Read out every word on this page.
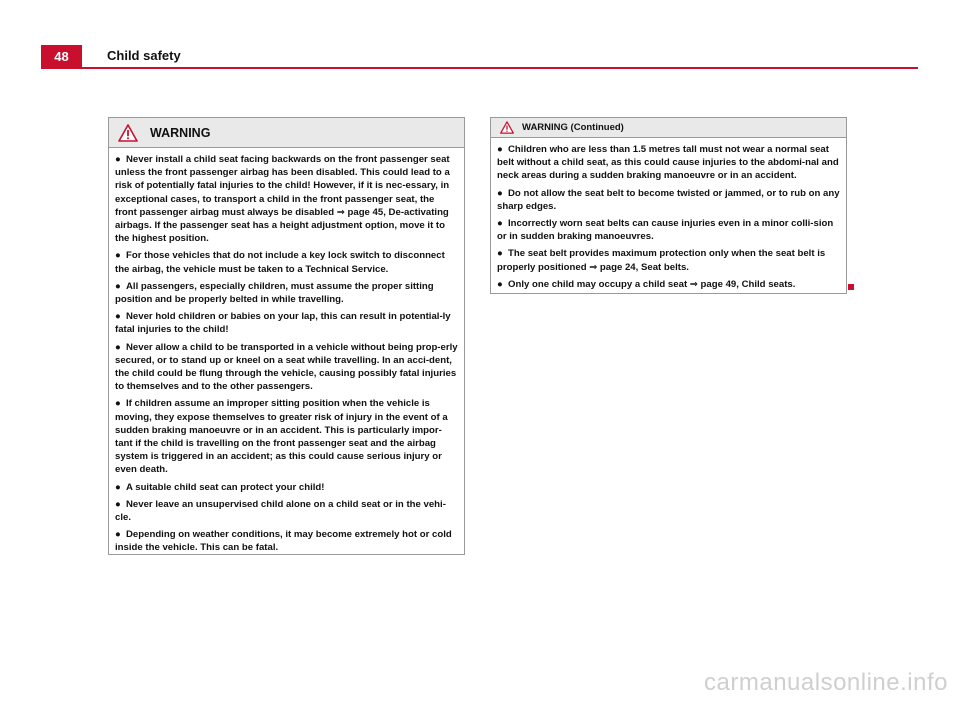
48	Child safety
WARNING

● Never install a child seat facing backwards on the front passenger seat unless the front passenger airbag has been disabled. This could lead to a risk of potentially fatal injuries to the child! However, if it is nec-essary, in exceptional cases, to transport a child in the front passenger seat, the front passenger airbag must always be disabled ⇒ page 45, De-activating airbags. If the passenger seat has a height adjustment option, move it to the highest position.

● For those vehicles that do not include a key lock switch to disconnect the airbag, the vehicle must be taken to a Technical Service.

● All passengers, especially children, must assume the proper sitting position and be properly belted in while travelling.

● Never hold children or babies on your lap, this can result in potential-ly fatal injuries to the child!

● Never allow a child to be transported in a vehicle without being prop-erly secured, or to stand up or kneel on a seat while travelling. In an acci-dent, the child could be flung through the vehicle, causing possibly fatal injuries to themselves and to the other passengers.

● If children assume an improper sitting position when the vehicle is moving, they expose themselves to greater risk of injury in the event of a sudden braking manoeuvre or in an accident. This is particularly impor-tant if the child is travelling on the front passenger seat and the airbag system is triggered in an accident; as this could cause serious injury or even death.

● A suitable child seat can protect your child!

● Never leave an unsupervised child alone on a child seat or in the vehi-cle.

● Depending on weather conditions, it may become extremely hot or cold inside the vehicle. This can be fatal.

WARNING (Continued)

● Children who are less than 1.5 metres tall must not wear a normal seat belt without a child seat, as this could cause injuries to the abdomi-nal and neck areas during a sudden braking manoeuvre or in an accident.

● Do not allow the seat belt to become twisted or jammed, or to rub on any sharp edges.

● Incorrectly worn seat belts can cause injuries even in a minor colli-sion or in sudden braking manoeuvres.

● The seat belt provides maximum protection only when the seat belt is properly positioned ⇒ page 24, Seat belts.

● Only one child may occupy a child seat ⇒ page 49, Child seats.

carmanualsonline.info
